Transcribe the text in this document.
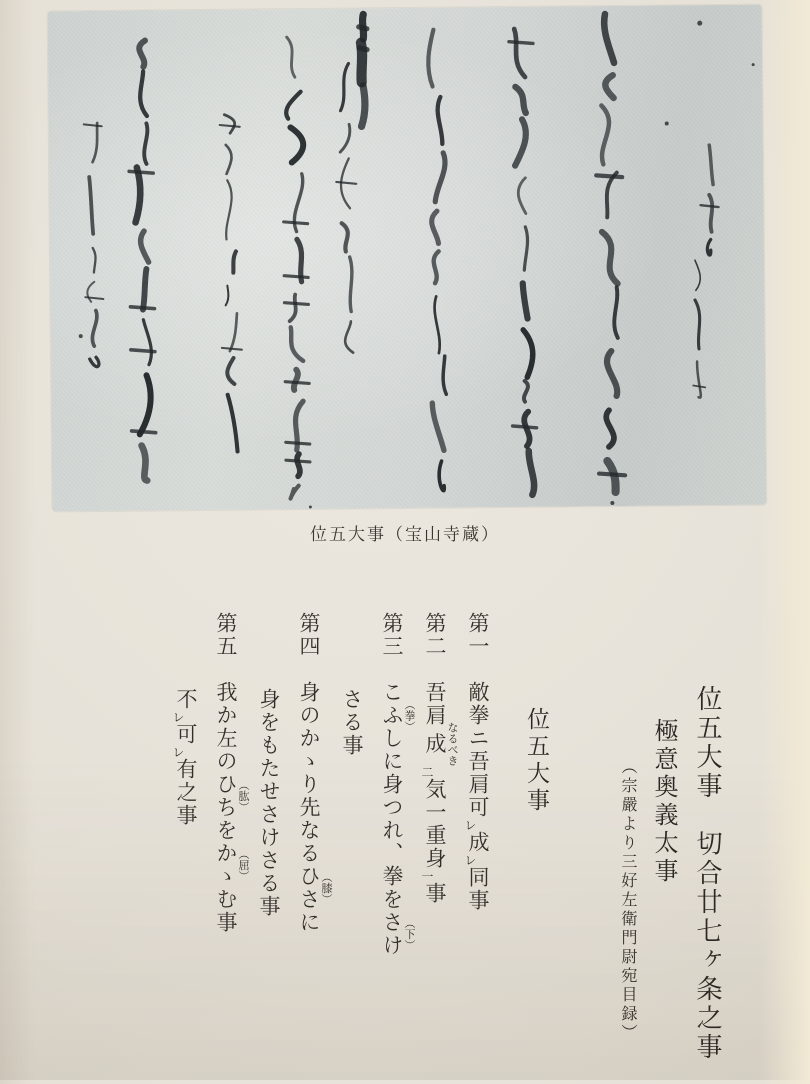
位五大事（宝山寺蔵）
位五大事　切合廿七ヶ条之事
極意奥義太事
（宗嚴より三好左衛門尉宛目録）
位五大事
第一　敵拳ニ吾肩可レ成レ同事
第二　吾肩成 なるべき二気一重身一事
第三　こふし （拳）に身つれ、拳をさけ （下）
さる事
第四　身のかゝり先なるひさ （膝）に
身をもたせさけさる事
第五　我か左のひち （肱）をかゝ （屈）む事
不レ可レ有之事
